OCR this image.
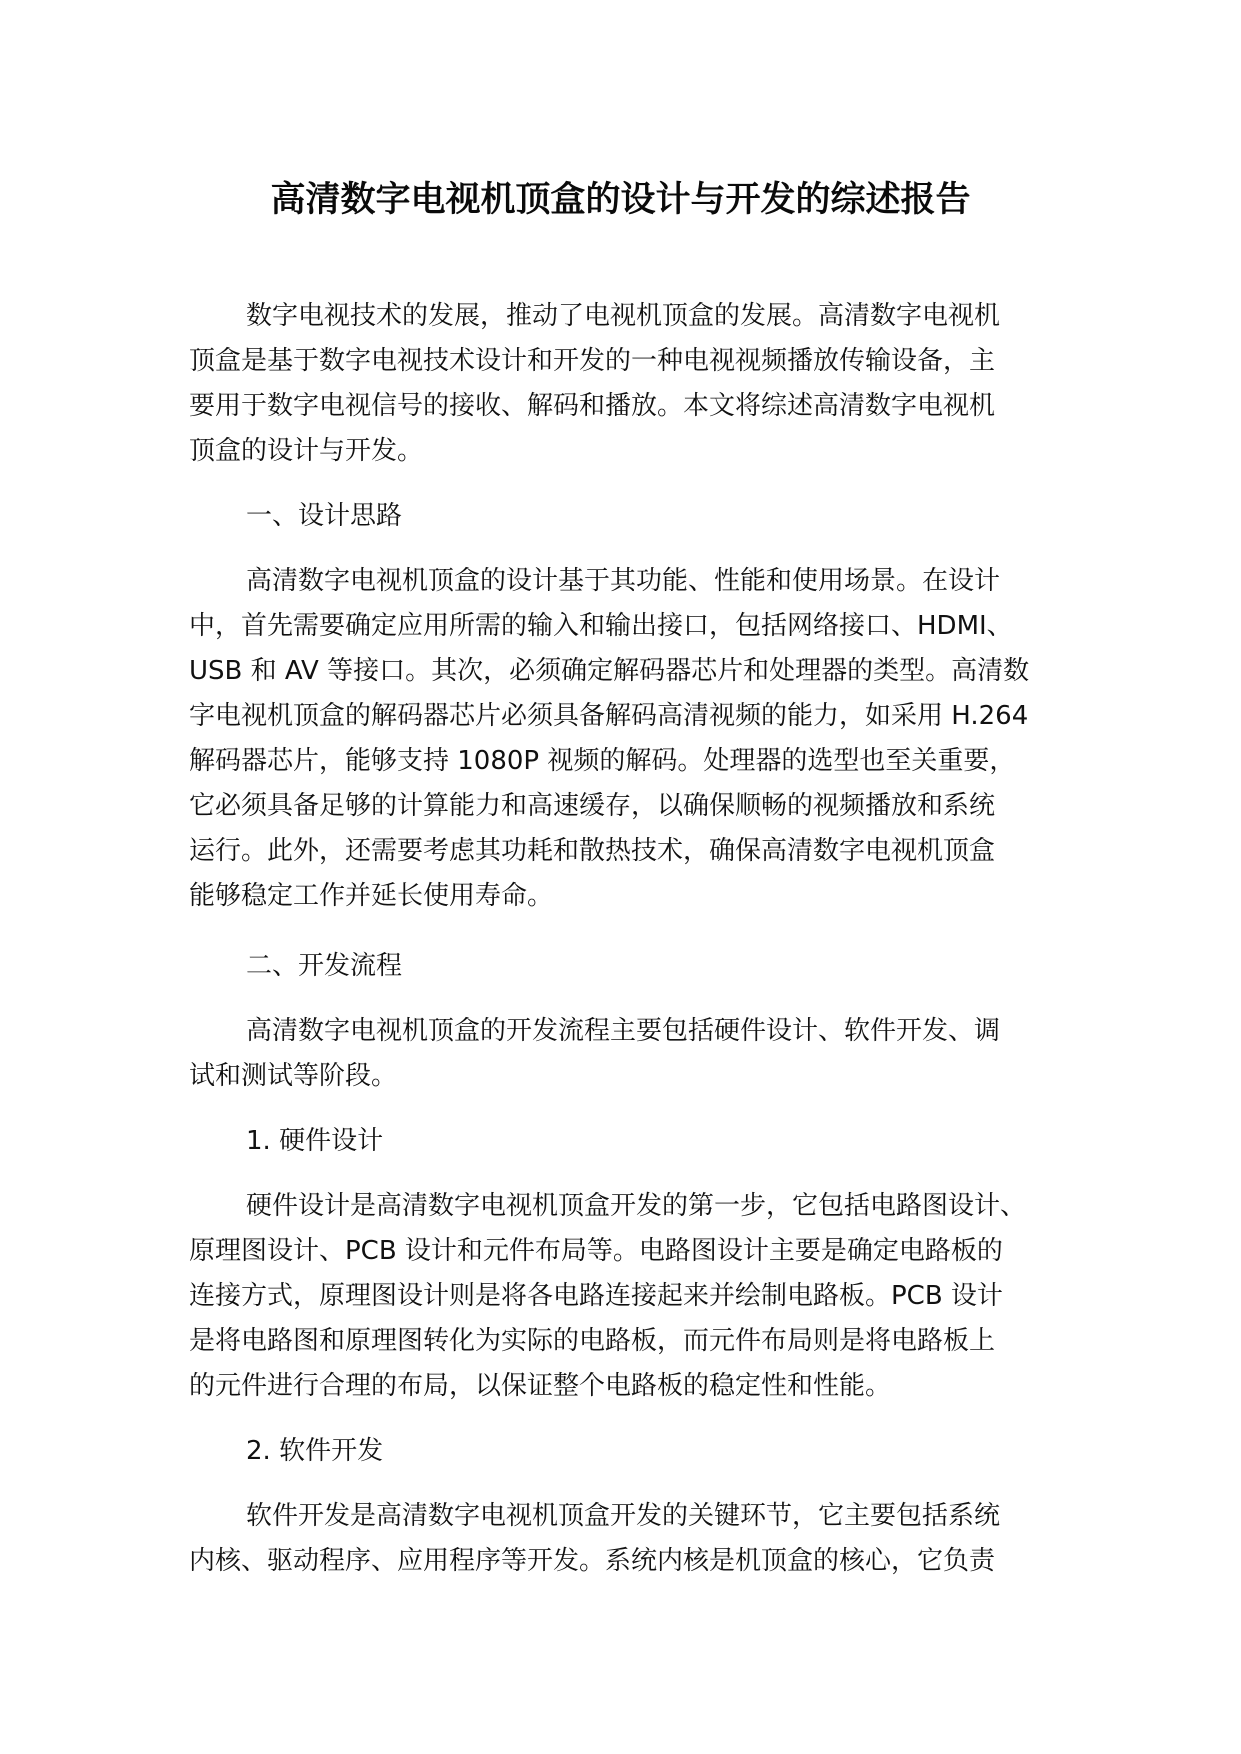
高清数字电视机顶盒的设计与开发的综述报告
数字电视技术的发展，推动了电视机顶盒的发展。高清数字电视机
顶盒是基于数字电视技术设计和开发的一种电视视频播放传输设备，主
要用于数字电视信号的接收、解码和播放。本文将综述高清数字电视机
顶盒的设计与开发。
一、设计思路
高清数字电视机顶盒的设计基于其功能、性能和使用场景。在设计
中，首先需要确定应用所需的输入和输出接口，包括网络接口、HDMI、
USB 和 AV 等接口。其次，必须确定解码器芯片和处理器的类型。高清数
字电视机顶盒的解码器芯片必须具备解码高清视频的能力，如采用 H.264
解码器芯片，能够支持 1080P 视频的解码。处理器的选型也至关重要，
它必须具备足够的计算能力和高速缓存，以确保顺畅的视频播放和系统
运行。此外，还需要考虑其功耗和散热技术，确保高清数字电视机顶盒
能够稳定工作并延长使用寿命。
二、开发流程
高清数字电视机顶盒的开发流程主要包括硬件设计、软件开发、调
试和测试等阶段。
1. 硬件设计
硬件设计是高清数字电视机顶盒开发的第一步，它包括电路图设计、
原理图设计、PCB 设计和元件布局等。电路图设计主要是确定电路板的
连接方式，原理图设计则是将各电路连接起来并绘制电路板。PCB 设计
是将电路图和原理图转化为实际的电路板，而元件布局则是将电路板上
的元件进行合理的布局，以保证整个电路板的稳定性和性能。
2. 软件开发
软件开发是高清数字电视机顶盒开发的关键环节，它主要包括系统
内核、驱动程序、应用程序等开发。系统内核是机顶盒的核心，它负责
